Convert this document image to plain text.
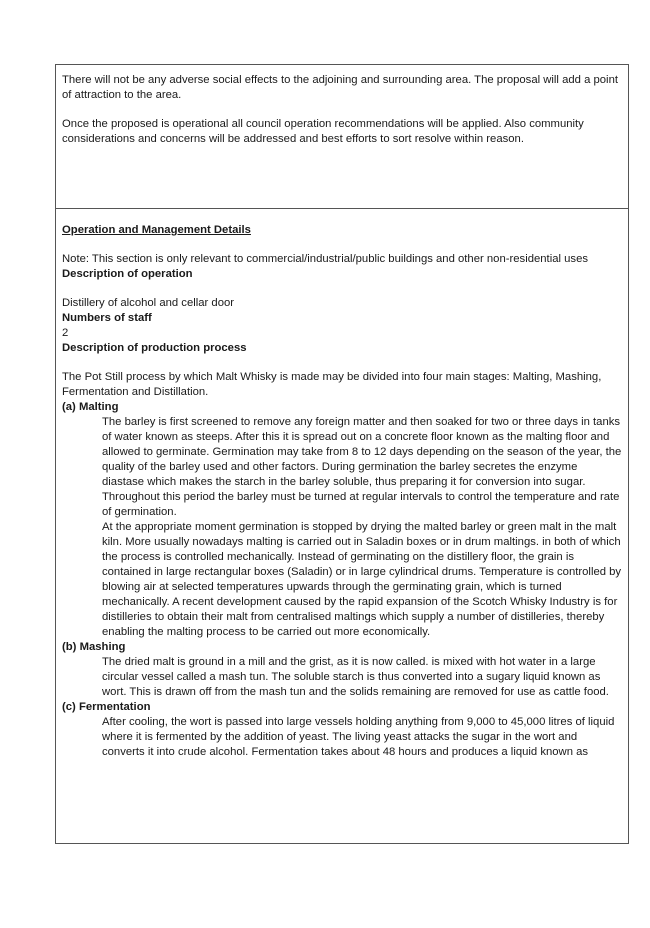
There will not be any adverse social effects to the adjoining and surrounding area. The proposal will add a point of attraction to the area.

Once the proposed is operational all council operation recommendations will be applied. Also community considerations and concerns will be addressed and best efforts to sort resolve within reason.

Operation and Management Details

Note: This section is only relevant to commercial/industrial/public buildings and other non-residential uses

Description of operation

Distillery of alcohol and cellar door

Numbers of staff

2

Description of production process

The Pot Still process by which Malt Whisky is made may be divided into four main stages: Malting, Mashing, Fermentation and Distillation.

(a) Malting

The barley is first screened to remove any foreign matter and then soaked for two or three days in tanks of water known as steeps. After this it is spread out on a concrete floor known as the malting floor and allowed to germinate. Germination may take from 8 to 12 days depending on the season of the year, the quality of the barley used and other factors. During germination the barley secretes the enzyme diastase which makes the starch in the barley soluble, thus preparing it for conversion into sugar. Throughout this period the barley must be turned at regular intervals to control the temperature and rate of germination.

At the appropriate moment germination is stopped by drying the malted barley or green malt in the malt kiln. More usually nowadays malting is carried out in Saladin boxes or in drum maltings. in both of which the process is controlled mechanically. Instead of germinating on the distillery floor, the grain is contained in large rectangular boxes (Saladin) or in large cylindrical drums. Temperature is controlled by blowing air at selected temperatures upwards through the germinating grain, which is turned mechanically. A recent development caused by the rapid expansion of the Scotch Whisky Industry is for distilleries to obtain their malt from centralised maltings which supply a number of distilleries, thereby enabling the malting process to be carried out more economically.

(b) Mashing

The dried malt is ground in a mill and the grist, as it is now called. is mixed with hot water in a large circular vessel called a mash tun. The soluble starch is thus converted into a sugary liquid known as wort. This is drawn off from the mash tun and the solids remaining are removed for use as cattle food.

(c) Fermentation

After cooling, the wort is passed into large vessels holding anything from 9,000 to 45,000 litres of liquid where it is fermented by the addition of yeast. The living yeast attacks the sugar in the wort and converts it into crude alcohol. Fermentation takes about 48 hours and produces a liquid known as
